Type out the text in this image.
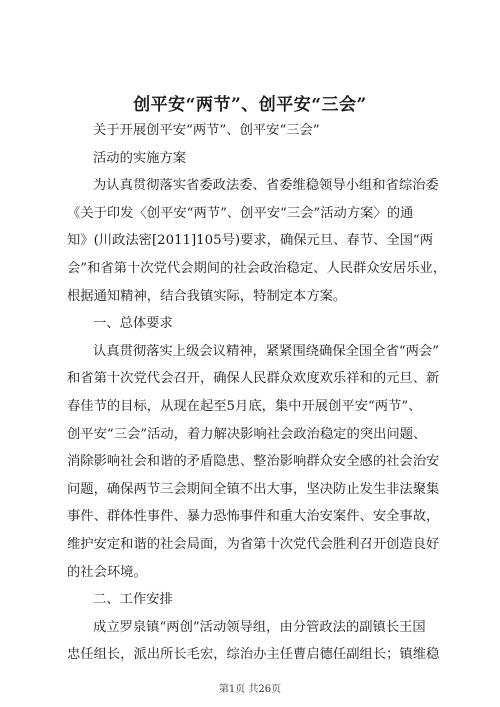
创平安“两节”、创平安“三会”
关于开展创平安“两节”、创平安“三会”
活动的实施方案
为认真贯彻落实省委政法委、省委维稳领导小组和省综治委
《关于印发〈创平安“两节”、创平安“三会”活动方案〉的通
知》(川政法密[2011]105号)要求，确保元旦、春节、全国“两
会”和省第十次党代会期间的社会政治稳定、人民群众安居乐业，
根据通知精神，结合我镇实际，特制定本方案。
一、总体要求
认真贯彻落实上级会议精神，紧紧围绕确保全国全省“两会”
和省第十次党代会召开，确保人民群众欢度欢乐祥和的元旦、新
春佳节的目标，从现在起至5月底，集中开展创平安“两节”、
创平安“三会”活动，着力解决影响社会政治稳定的突出问题、
消除影响社会和谐的矛盾隐患、整治影响群众安全感的社会治安
问题，确保两节三会期间全镇不出大事，坚决防止发生非法聚集
事件、群体性事件、暴力恐怖事件和重大治安案件、安全事故，
维护安定和谐的社会局面，为省第十次党代会胜利召开创造良好
的社会环境。
二、工作安排
成立罗泉镇“两创”活动领导组，由分管政法的副镇长王国
忠任组长，派出所长毛宏，综治办主任曹启德任副组长；镇维稳
第1页 共26页
